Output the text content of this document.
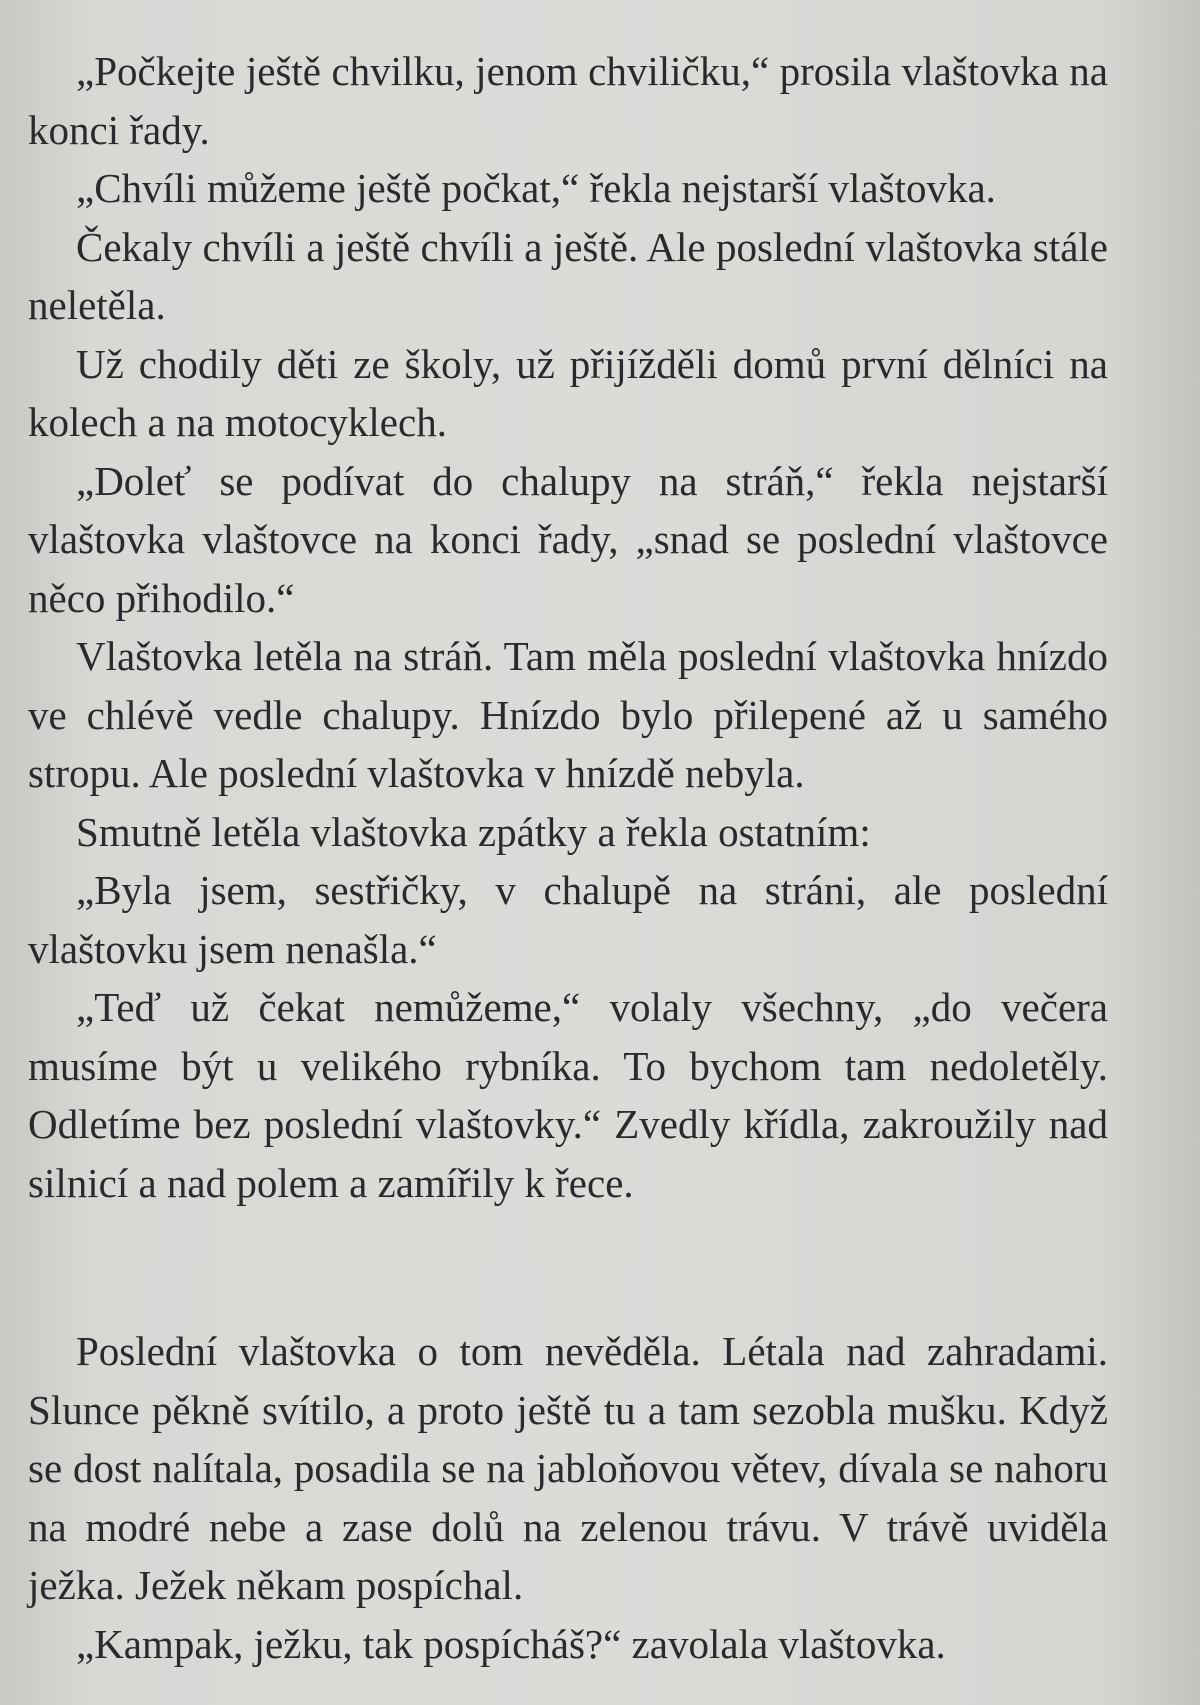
„Počkejte ještě chvilku, jenom chviličku,“ prosila vlaštovka na konci řady.

„Chvíli můžeme ještě počkat,“ řekla nejstarší vlaštovka.

Čekaly chvíli a ještě chvíli a ještě. Ale poslední vlaštovka stále neletěla.

Už chodily děti ze školy, už přijížděli domů první dělníci na kolech a na motocyklech.

„Doleť se podívat do chalupy na stráň,“ řekla nejstarší vlaštovka vlaštovce na konci řady, „snad se poslední vlaštovce něco přihodilo.“

Vlaštovka letěla na stráň. Tam měla poslední vlaštovka hnízdo ve chlévě vedle chalupy. Hnízdo bylo přilepené až u samého stropu. Ale poslední vlaštovka v hnízdě nebyla.

Smutně letěla vlaštovka zpátky a řekla ostatním:

„Byla jsem, sestřičky, v chalupě na stráni, ale poslední vlaštovku jsem nenašla.“

„Teď už čekat nemůžeme,“ volaly všechny, „do večera musíme být u velikého rybníka. To bychom tam nedoletěly. Odletíme bez poslední vlaštovky.“ Zvedly křídla, zakroužily nad silnicí a nad polem a zamířily k řece.

Poslední vlaštovka o tom nevěděla. Létala nad zahradami. Slunce pěkně svítilo, a proto ještě tu a tam sezobla mušku. Když se dost nalítala, posadila se na jabloňovou větev, dívala se nahoru na modré nebe a zase dolů na zelenou trávu. V trávě uviděla ježka. Ježek někam pospíchal.

„Kampak, ježku, tak pospícháš?“ zavolala vlaštovka.
